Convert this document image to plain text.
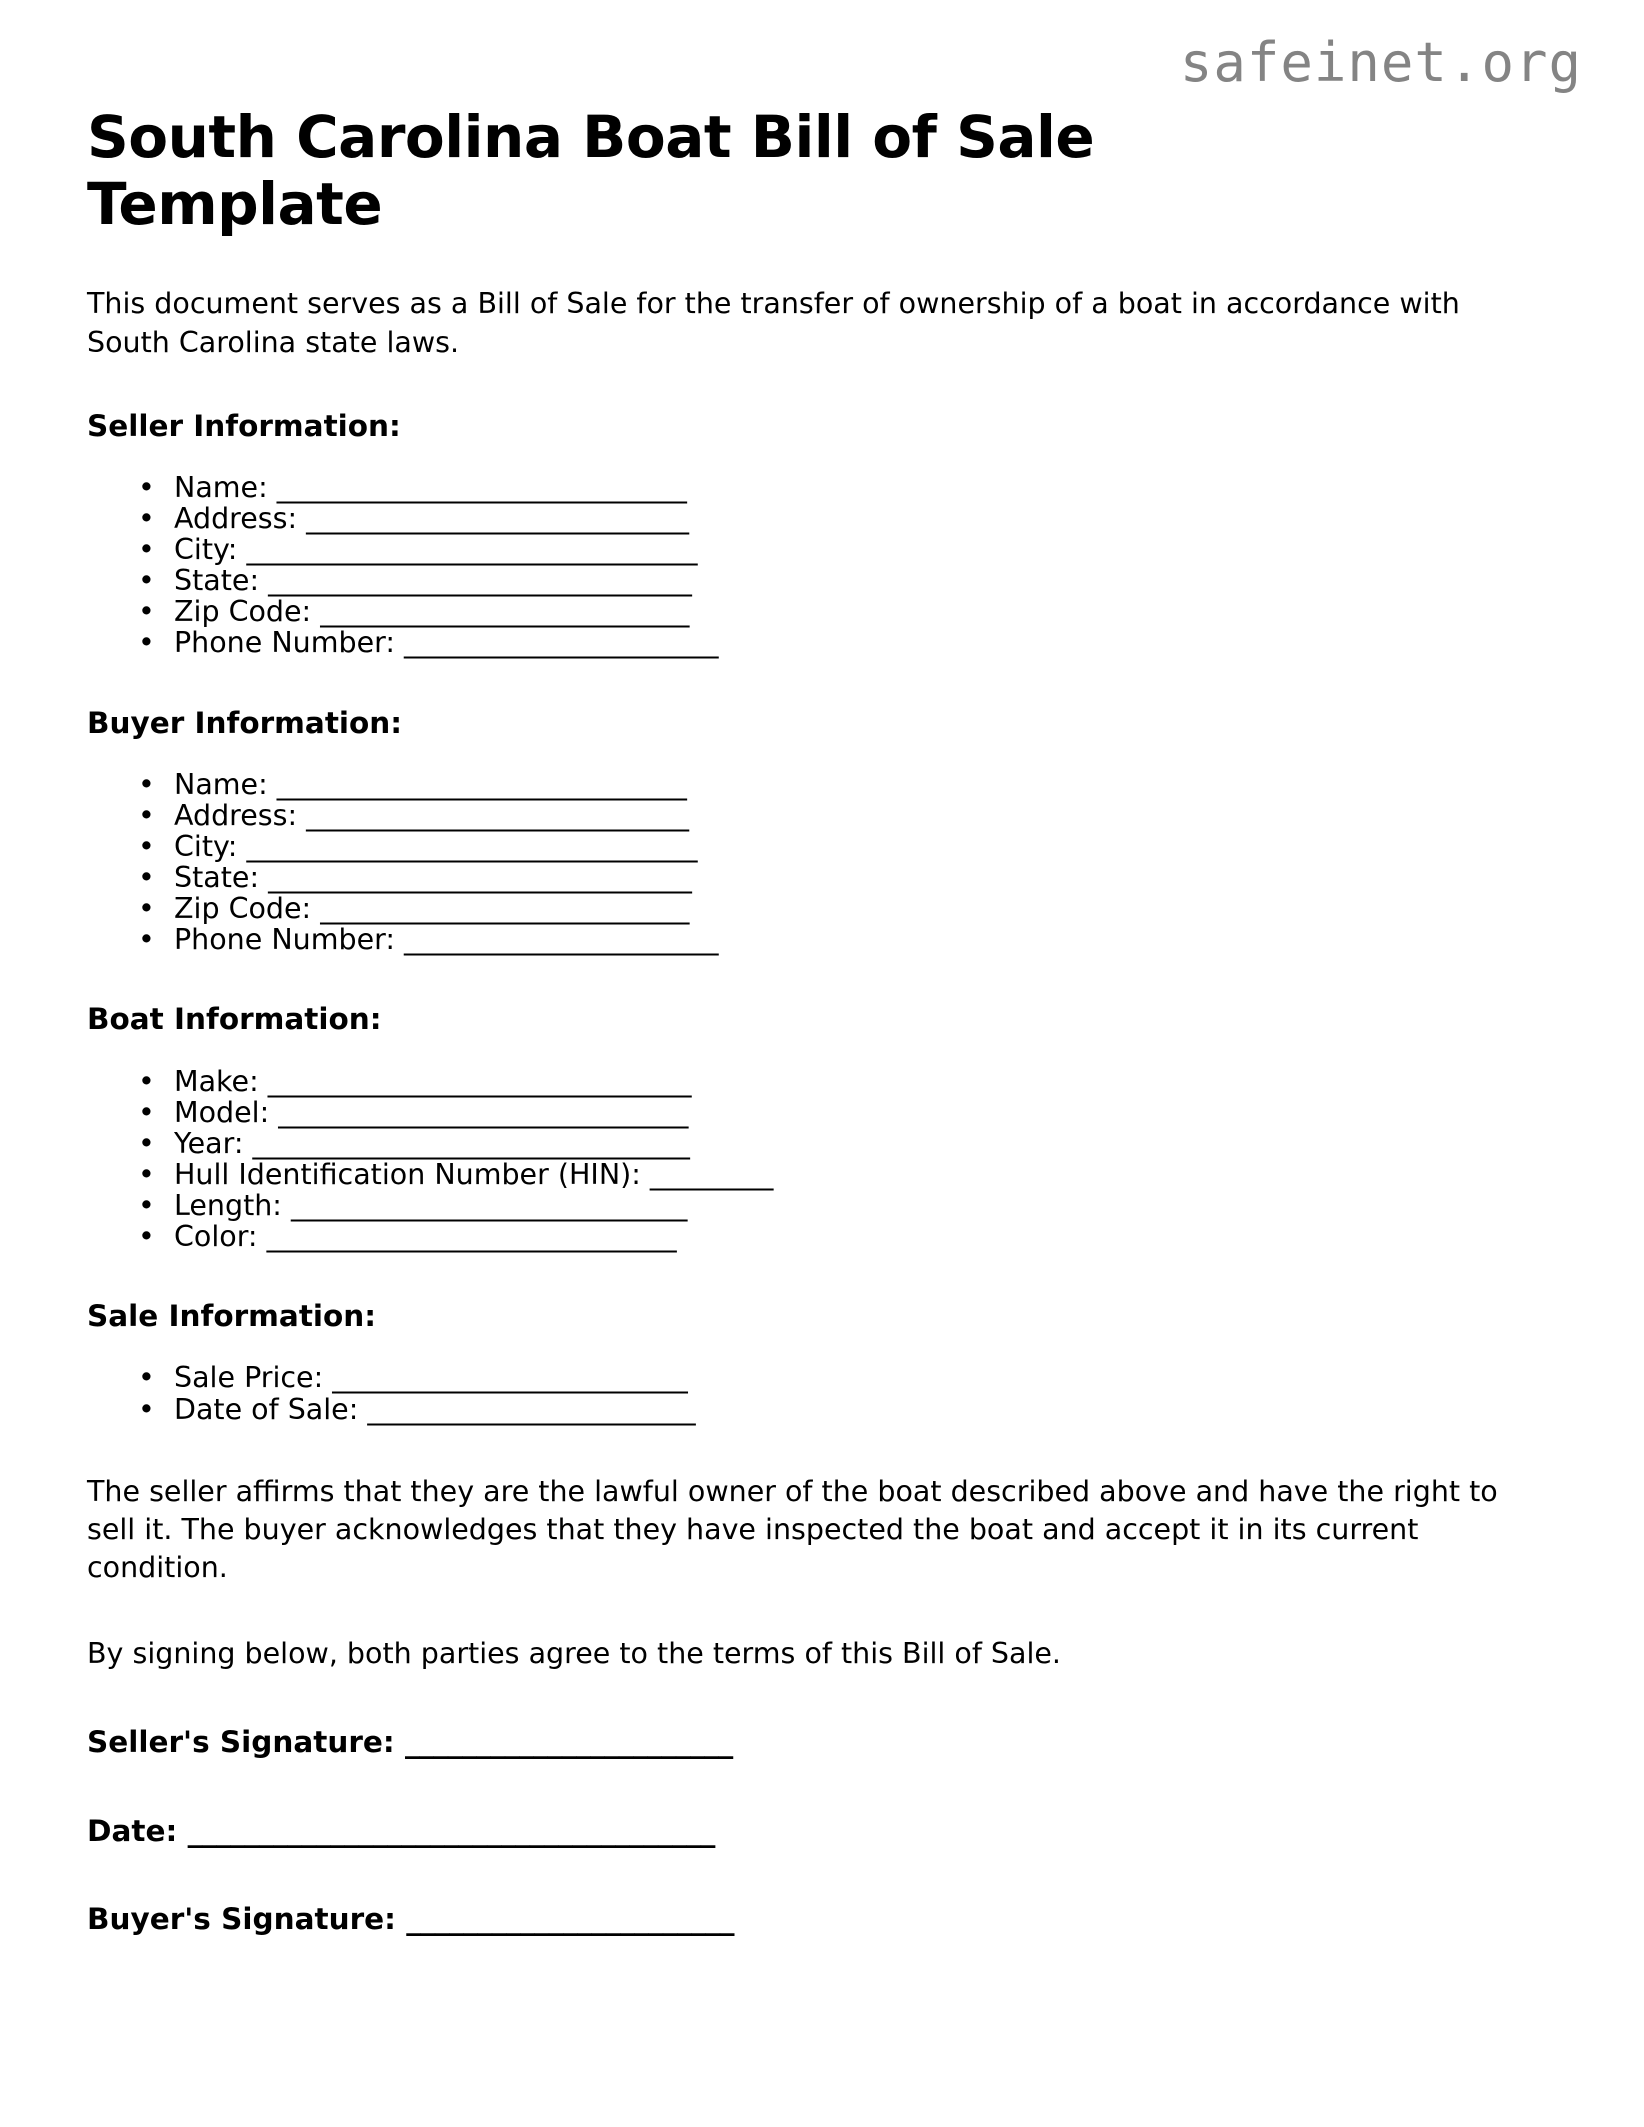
safeinet.org
South Carolina Boat Bill of Sale Template

This document serves as a Bill of Sale for the transfer of ownership of a boat in accordance with South Carolina state laws.

Seller Information:
• Name: ______________________________
• Address: ____________________________
• City: _________________________________
• State: _______________________________
• Zip Code: ___________________________
• Phone Number: _______________________
Buyer Information:
• Name: ______________________________
• Address: ____________________________
• City: _________________________________
• State: _______________________________
• Zip Code: ___________________________
• Phone Number: _______________________
Boat Information:
• Make: _______________________________
• Model: ______________________________
• Year: ________________________________
• Hull Identification Number (HIN): _________
• Length: _____________________________
• Color: ______________________________
Sale Information:
• Sale Price: __________________________
• Date of Sale: ________________________

The seller affirms that they are the lawful owner of the boat described above and have the right to sell it. The buyer acknowledges that they have inspected the boat and accept it in its current condition.

By signing below, both parties agree to the terms of this Bill of Sale.

Seller's Signature: _______________________
Date: _____________________________________
Buyer's Signature: _______________________
